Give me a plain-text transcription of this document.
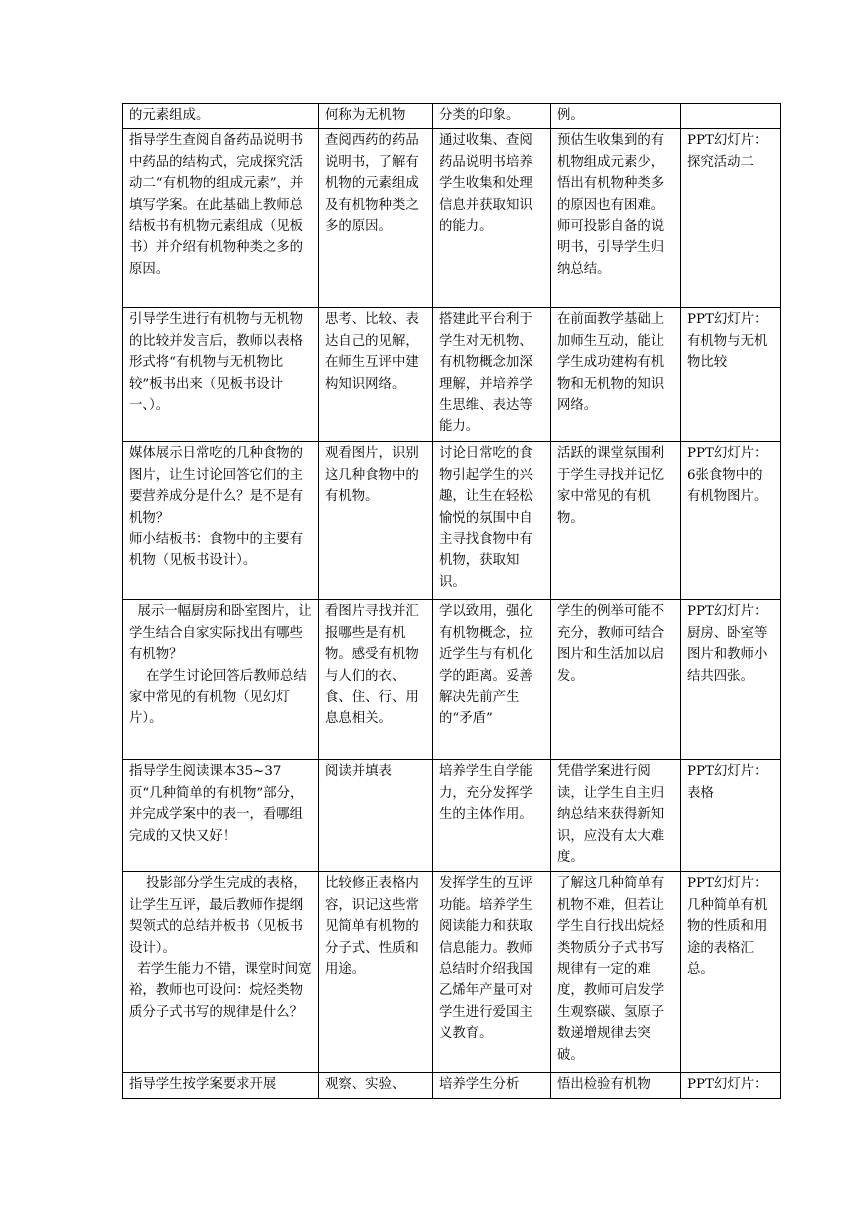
的元素组成。	何称为无机物	分类的印象。	例。	

指导学生查阅自备药品说明书中药品的结构式，完成探究活动二“有机物的组成元素”，并填写学案。在此基础上教师总结板书有机物元素组成（见板书）并介绍有机物种类之多的原因。	查阅西药的药品说明书，了解有机物的元素组成及有机物种类之多的原因。	通过收集、查阅药品说明书培养学生收集和处理信息并获取知识的能力。	预估生收集到的有机物组成元素少，悟出有机物种类多的原因也有困难。师可投影自备的说明书，引导学生归纳总结。	PPT幻灯片：探究活动二

引导学生进行有机物与无机物的比较并发言后，教师以表格形式将“有机物与无机物比较”板书出来（见板书设计一、）。	思考、比较、表达自己的见解，在师生互评中建构知识网络。	搭建此平台利于学生对无机物、有机物概念加深理解，并培养学生思维、表达等能力。	在前面教学基础上加师生互动，能让学生成功建构有机物和无机物的知识网络。	PPT幻灯片：有机物与无机物比较

媒体展示日常吃的几种食物的图片，让生讨论回答它们的主要营养成分是什么？是不是有机物？
师小结板书：食物中的主要有机物（见板书设计）。	观看图片，识别这几种食物中的有机物。	讨论日常吃的食物引起学生的兴趣，让生在轻松愉悦的氛围中自主寻找食物中有机物，获取知识。	活跃的课堂氛围利于学生寻找并记忆家中常见的有机物。	PPT幻灯片：6张食物中的有机物图片。

展示一幅厨房和卧室图片，让学生结合自家实际找出有哪些有机物？
在学生讨论回答后教师总结家中常见的有机物（见幻灯片）。	看图片寻找并汇报哪些是有机物。感受有机物与人们的衣、食、住、行、用息息相关。	学以致用，强化有机物概念，拉近学生与有机化学的距离。妥善解决先前产生的“矛盾”	学生的例举可能不充分，教师可结合图片和生活加以启发。	PPT幻灯片：厨房、卧室等图片和教师小结共四张。

指导学生阅读课本35~37页“几种简单的有机物”部分，并完成学案中的表一，看哪组完成的又快又好！	阅读并填表	培养学生自学能力，充分发挥学生的主体作用。	凭借学案进行阅读，让学生自主归纳总结来获得新知识，应没有太大难度。	PPT幻灯片：表格

投影部分学生完成的表格，让学生互评，最后教师作提纲契领式的总结并板书（见板书设计）。
若学生能力不错，课堂时间宽裕，教师也可设问：烷烃类物质分子式书写的规律是什么？	比较修正表格内容，识记这些常见简单有机物的分子式、性质和用途。	发挥学生的互评功能。培养学生阅读能力和获取信息能力。教师总结时介绍我国乙烯年产量可对学生进行爱国主义教育。	了解这几种简单有机物不难，但若让学生自行找出烷烃类物质分子式书写规律有一定的难度，教师可启发学生观察碳、氢原子数递增规律去突破。	PPT幻灯片：几种简单有机物的性质和用途的表格汇总。

指导学生按学案要求开展	观察、实验、	培养学生分析	悟出检验有机物	PPT幻灯片：
